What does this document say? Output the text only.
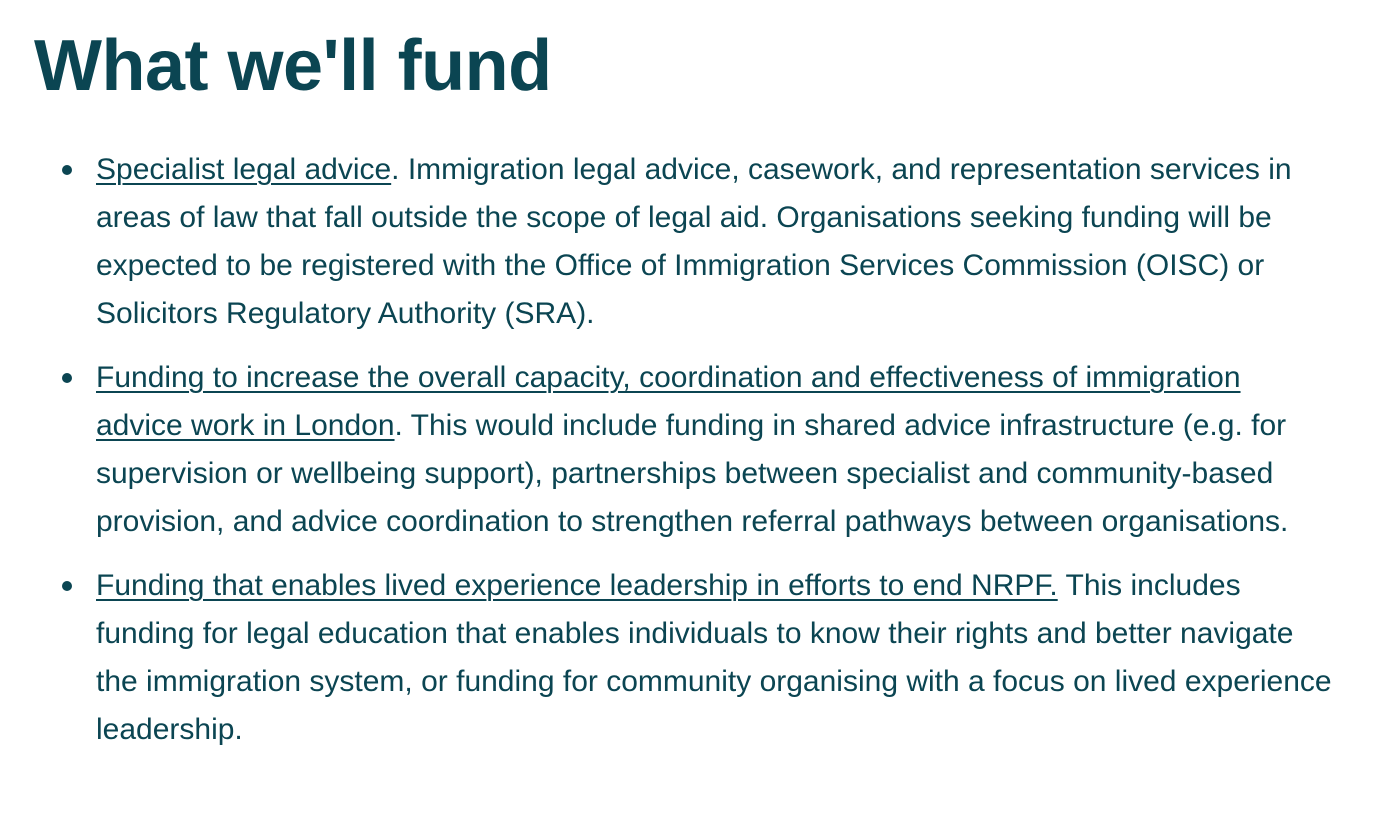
What we'll fund
Specialist legal advice. Immigration legal advice, casework, and representation services in areas of law that fall outside the scope of legal aid. Organisations seeking funding will be expected to be registered with the Office of Immigration Services Commission (OISC) or Solicitors Regulatory Authority (SRA).
Funding to increase the overall capacity, coordination and effectiveness of immigration advice work in London. This would include funding in shared advice infrastructure (e.g. for supervision or wellbeing support), partnerships between specialist and community-based provision, and advice coordination to strengthen referral pathways between organisations.
Funding that enables lived experience leadership in efforts to end NRPF. This includes funding for legal education that enables individuals to know their rights and better navigate the immigration system, or funding for community organising with a focus on lived experience leadership.
